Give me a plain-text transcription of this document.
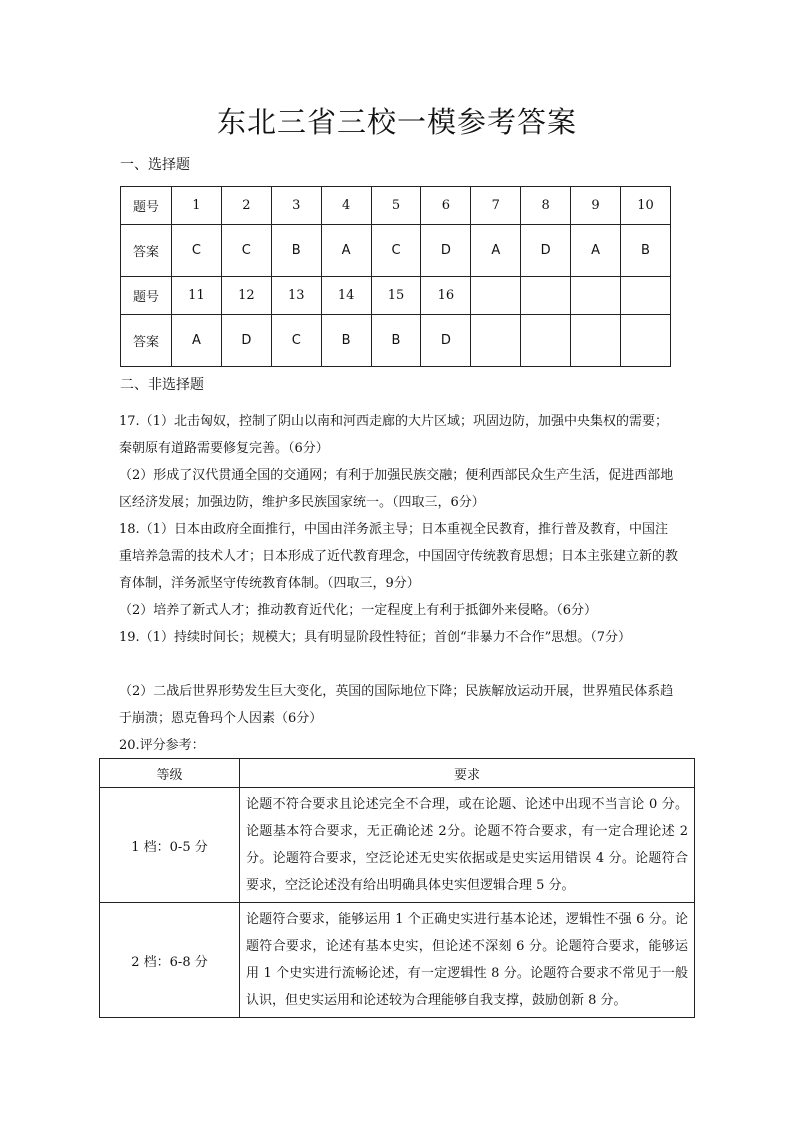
东北三省三校一模参考答案
一、选择题
题号	1	2	3	4	5	6	7	8	9	10
答案	C	C	B	A	C	D	A	D	A	B
题号	11	12	13	14	15	16				
答案	A	D	C	B	B	D				
二、非选择题
17.（1）北击匈奴，控制了阴山以南和河西走廊的大片区域；巩固边防，加强中央集权的需要；秦朝原有道路需要修复完善。（6分）
（2）形成了汉代贯通全国的交通网；有利于加强民族交融；便利西部民众生产生活，促进西部地区经济发展；加强边防，维护多民族国家统一。（四取三，6分）
18.（1）日本由政府全面推行，中国由洋务派主导；日本重视全民教育，推行普及教育，中国注重培养急需的技术人才；日本形成了近代教育理念，中国固守传统教育思想；日本主张建立新的教育体制，洋务派坚守传统教育体制。（四取三，9分）
（2）培养了新式人才；推动教育近代化；一定程度上有利于抵御外来侵略。（6分）
19.（1）持续时间长；规模大；具有明显阶段性特征；首创“非暴力不合作”思想。（7分）
（2）二战后世界形势发生巨大变化，英国的国际地位下降；民族解放运动开展，世界殖民体系趋于崩溃；恩克鲁玛个人因素（6分）
20.评分参考：
等级	要求
1 档：0-5 分	论题不符合要求且论述完全不合理，或在论题、论述中出现不当言论 0 分。论题基本符合要求，无正确论述 2分。论题不符合要求，有一定合理论述 2分。论题符合要求，空泛论述无史实依据或是史实运用错误 4 分。论题符合要求，空泛论述没有给出明确具体史实但逻辑合理 5 分。
2 档：6-8 分	论题符合要求，能够运用 1 个正确史实进行基本论述，逻辑性不强 6 分。论题符合要求，论述有基本史实，但论述不深刻 6 分。论题符合要求，能够运用 1 个史实进行流畅论述，有一定逻辑性 8 分。论题符合要求不常见于一般认识，但史实运用和论述较为合理能够自我支撑，鼓励创新 8 分。
